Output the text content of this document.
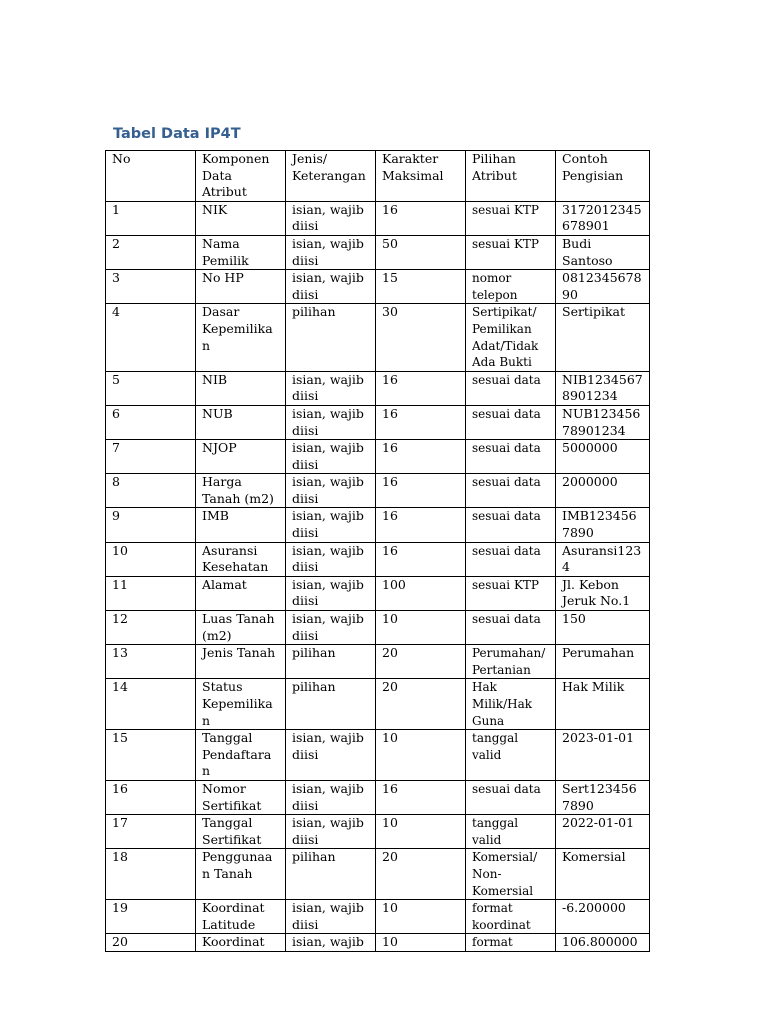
Tabel Data IP4T
No	Komponen Data Atribut	Jenis/ Keterangan	Karakter Maksimal	Pilihan Atribut	Contoh Pengisian
1	NIK	isian, wajib diisi	16	sesuai KTP	3172012345 678901
2	Nama Pemilik	isian, wajib diisi	50	sesuai KTP	Budi Santoso
3	No HP	isian, wajib diisi	15	nomor telepon	0812345678 90
4	Dasar Kepemilikan	pilihan	30	Sertipikat/ Pemilikan Adat/Tidak Ada Bukti	Sertipikat
5	NIB	isian, wajib diisi	16	sesuai data	NIB1234567 8901234
6	NUB	isian, wajib diisi	16	sesuai data	NUB123456 78901234
7	NJOP	isian, wajib diisi	16	sesuai data	5000000
8	Harga Tanah (m2)	isian, wajib diisi	16	sesuai data	2000000
9	IMB	isian, wajib diisi	16	sesuai data	IMB123456 7890
10	Asuransi Kesehatan	isian, wajib diisi	16	sesuai data	Asuransi123 4
11	Alamat	isian, wajib diisi	100	sesuai KTP	Jl. Kebon Jeruk No.1
12	Luas Tanah (m2)	isian, wajib diisi	10	sesuai data	150
13	Jenis Tanah	pilihan	20	Perumahan/ Pertanian	Perumahan
14	Status Kepemilikan	pilihan	20	Hak Milik/Hak Guna	Hak Milik
15	Tanggal Pendaftaran	isian, wajib diisi	10	tanggal valid	2023-01-01
16	Nomor Sertifikat	isian, wajib diisi	16	sesuai data	Sert123456 7890
17	Tanggal Sertifikat	isian, wajib diisi	10	tanggal valid	2022-01-01
18	Penggunaan Tanah	pilihan	20	Komersial/ Non- Komersial	Komersial
19	Koordinat Latitude	isian, wajib diisi	10	format koordinat	-6.200000
20	Koordinat	isian, wajib	10	format	106.800000
